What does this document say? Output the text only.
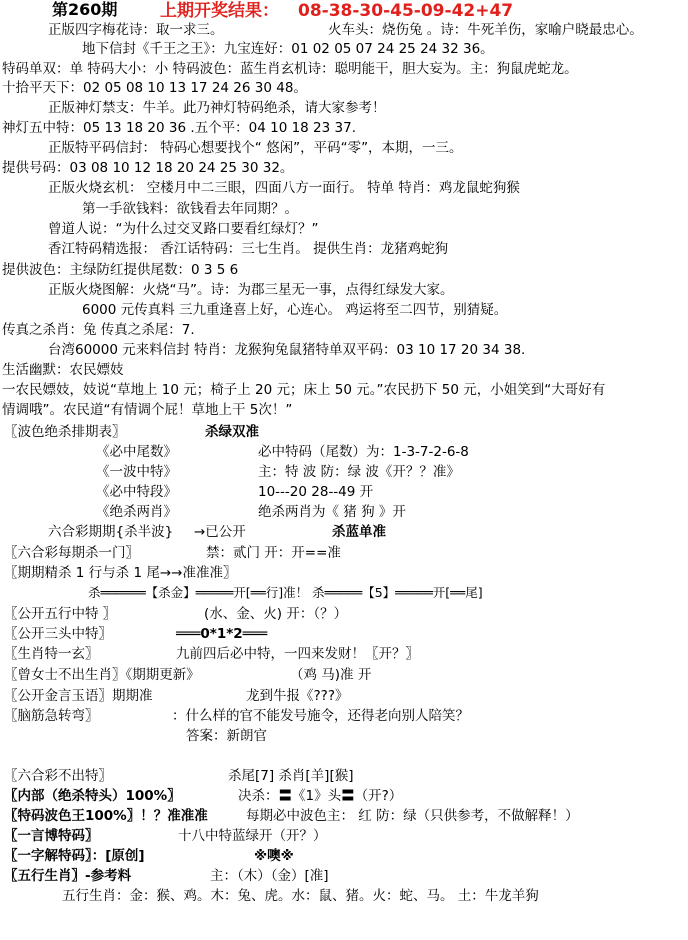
第260期	上期开奖结果： 08-38-30-45-09-42+47
正版四字梅花诗：取一求三。	火车头：烧伤兔 。诗：牛死羊伤，家喻户晓最忠心。
地下信封《千王之王》：九宝连好：01 02 05 07 24 25 24 32 36。
特码单双：单 特码大小：小 特码波色：蓝生肖玄机诗：聪明能干，胆大妄为。主：狗鼠虎蛇龙。
十拾平天下：02 05 08 10 13 17 24 26 30 48。
正版神灯禁支：牛羊。此乃神灯特码绝杀，请大家参考！
神灯五中特：05 13 18 20 36 .五个平：04 10 18 23 37.
正版特平码信封： 特码心想要找个“ 悠闲”，平码“零”，本期，一三。
提供号码：03 08 10 12 18 20 24 25 30 32。
正版火烧玄机： 空楼月中二三眼，四面八方一面行。 特单 特肖：鸡龙鼠蛇狗猴
第一手欲钱料：欲钱看去年同期？。
曾道人说：“为什么过交叉路口要看红绿灯？”
香江特码精选报： 香江话特码：三七生肖。 提供生肖：龙猪鸡蛇狗
提供波色：主绿防红提供尾数：0 3 5 6
正版火烧图解：火烧“马”。诗：为郡三星无一事，点得红绿发大家。
6000 元传真料 三九重逢喜上好，心连心。 鸡运将至二四节，别猜疑。
传真之杀肖：兔 传真之杀尾：7.
台湾60000 元来料信封 特肖：龙猴狗兔鼠猪特单双平码：03 10 17 20 34 38.
生活幽默：农民嫖妓
一农民嫖妓，妓说“草地上 10 元；椅子上 20 元；床上 50 元。”农民扔下 50 元，小姐笑到“大哥好有
情调哦”。农民道“有情调个屁！草地上干 5次！”
〖波色绝杀排期表〗	杀绿双准
《必中尾数》	必中特码（尾数）为：1-3-7-2-6-8
《一波中特》	主：特 波 防：绿 波《开？？准》
《必中特段》	10---20 28--49 开
《绝杀两肖》	绝杀两肖为《 猪 狗 》开
六合彩期期{杀半波} →已公开	杀蓝单准
〖六合彩每期杀一门〗	禁：贰门 开：开==准
〖期期精杀 1 行与杀 1 尾→→准准准〗
杀══════【杀金】═════开[══行]准！ 杀═════【5】═════开[══尾]
〖公开五行中特 〗	(水、金、火) 开：（？）
〖公开三头中特〗	═══0*1*2═══
〖生肖特一玄〗	九前四后必中特，一四来发财！〖开？〗
〖曾女士不出生肖〗《期期更新》	（鸡 马)准 开
〖公开金言玉语〗期期准	龙到牛报《???》
〖脑筋急转弯〗	：什么样的官不能发号施令，还得老向别人陪笑？
答案：新朗官
〖六合彩不出特〗	杀尾[7] 杀肖[羊][猴]
〖内部（绝杀特头）100%〗	决杀：〓《1》头〓（开?）
〖特码波色王100%〗！？准准准	每期必中波色主： 红 防：绿（只供参考，不做解释！）
〖一言博特码〗	十八中特蓝绿开（开？）
〖一字解特码〗：[原创]	※噢※
〖五行生肖〗-参考料	主：（木）（金）[准]
五行生肖：金：猴、鸡。木：兔、虎。水：鼠、猪。火：蛇、马。 土：牛龙羊狗
